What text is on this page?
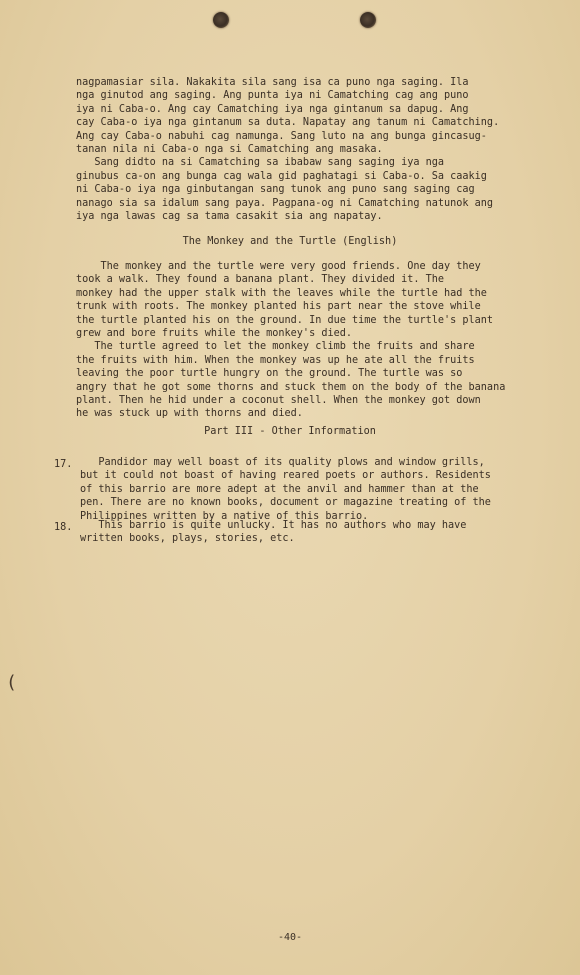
nagpamasiar sila. Nakakita sila sang isa ca puno nga saging. Ila
nga ginutod ang saging. Ang punta iya ni Camatching cag ang puno
iya ni Caba-o. Ang cay Camatching iya nga gintanum sa dapug. Ang
cay Caba-o iya nga gintanum sa duta. Napatay ang tanum ni Camatching.
Ang cay Caba-o nabuhi cag namunga. Sang luto na ang bunga gincasug-
tanan nila ni Caba-o nga si Camatching ang masaka.
Sang didto na si Camatching sa ibabaw sang saging iya nga
ginubus ca-on ang bunga cag wala gid paghatagi si Caba-o. Sa caakig
ni Caba-o iya nga ginbutangan sang tunok ang puno sang saging cag
nanago sia sa idalum sang paya. Pagpana-og ni Camatching natunok ang
iya nga lawas cag sa tama casakit sia ang napatay.
The Monkey and the Turtle (English)
The monkey and the turtle were very good friends. One day they
took a walk. They found a banana plant. They divided it. The
monkey had the upper stalk with the leaves while the turtle had the
trunk with roots. The monkey planted his part near the stove while
the turtle planted his on the ground. In due time the turtle's plant
grew and bore fruits while the monkey's died.
The turtle agreed to let the monkey climb the fruits and share
the fruits with him. When the monkey was up he ate all the fruits
leaving the poor turtle hungry on the ground. The turtle was so
angry that he got some thorns and stuck them on the body of the banana
plant. Then he hid under a coconut shell. When the monkey got down
he was stuck up with thorns and died.
Part III - Other Information
17. Pandidor may well boast of its quality plows and window grills,
but it could not boast of having reared poets or authors. Residents
of this barrio are more adept at the anvil and hammer than at the
pen. There are no known books, document or magazine treating of the
Philippines written by a native of this barrio.
18. This barrio is quite unlucky. It has no authors who may have
written books, plays, stories, etc.
(
-40-
